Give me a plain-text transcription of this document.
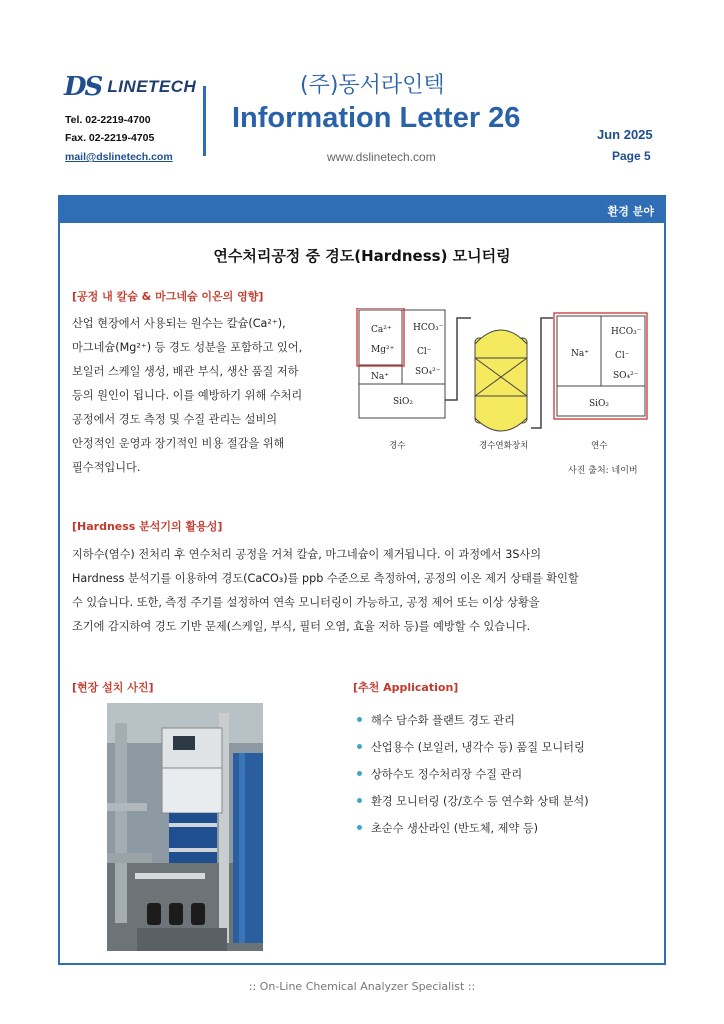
DS LINETECH
Tel. 02-2219-4700
Fax. 02-2219-4705
mail@dslinetech.com
(주)동서라인텍
Information Letter 26
www.dslinetech.com
Jun 2025
Page 5
환경 분야
연수처리공정 중 경도(Hardness) 모니터링
[공정 내 칼슘 & 마그네슘 이온의 영향]
산업 현장에서 사용되는 원수는 칼슘(Ca²⁺),
마그네슘(Mg²⁺) 등 경도 성분을 포함하고 있어,
보일러 스케일 생성, 배관 부식, 생산 품질 저하
등의 원인이 됩니다. 이를 예방하기 위해 수처리
공정에서 경도 측정 및 수질 관리는 설비의
안정적인 운영과 장기적인 비용 절감을 위해
필수적입니다.
Ca²⁺
Mg²⁺
Na⁺
HCO₃⁻
Cl⁻
SO₄²⁻
SiO₂
Na⁺
HCO₃⁻
Cl⁻
SO₄²⁻
SiO₂
경수	경수연화장치	연수
사진 출처: 네이버
[Hardness 분석기의 활용성]
지하수(염수) 전처리 후 연수처리 공정을 거쳐 칼슘, 마그네슘이 제거됩니다. 이 과정에서 3S사의
Hardness 분석기를 이용하여 경도(CaCO₃)를 ppb 수준으로 측정하여, 공정의 이온 제거 상태를 확인할
수 있습니다. 또한, 측정 주기를 설정하여 연속 모니터링이 가능하고, 공정 제어 또는 이상 상황을
조기에 감지하여 경도 기반 문제(스케일, 부식, 필터 오염, 효율 저하 등)를 예방할 수 있습니다.
[현장 설치 사진]	[추천 Application]
해수 담수화 플랜트 경도 관리
산업용수 (보일러, 냉각수 등) 품질 모니터링
상하수도 정수처리장 수질 관리
환경 모니터링 (강/호수 등 연수화 상태 분석)
초순수 생산라인 (반도체, 제약 등)
:: On-Line Chemical Analyzer Specialist ::
